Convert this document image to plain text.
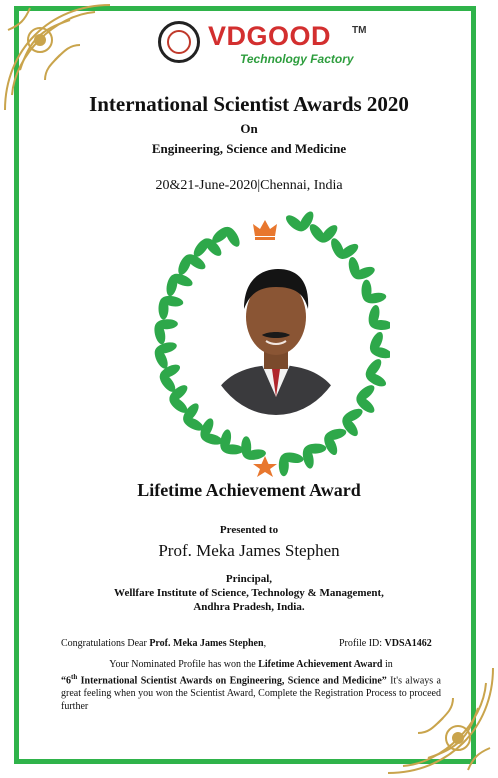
VDGOOD TM
Technology Factory
International Scientist Awards 2020
On
Engineering, Science and Medicine
20&21-June-2020|Chennai, India
Lifetime Achievement Award
Presented to
Prof. Meka James Stephen
Principal,
Wellfare Institute of Science, Technology & Management,
Andhra Pradesh, India.
Congratulations Dear Prof. Meka James Stephen,	Profile ID: VDSA1462
Your Nominated Profile has won the Lifetime Achievement Award in
“6th International Scientist Awards on Engineering, Science and Medicine” It's always a great feeling when you won the Scientist Award, Complete the Registration Process to proceed further
